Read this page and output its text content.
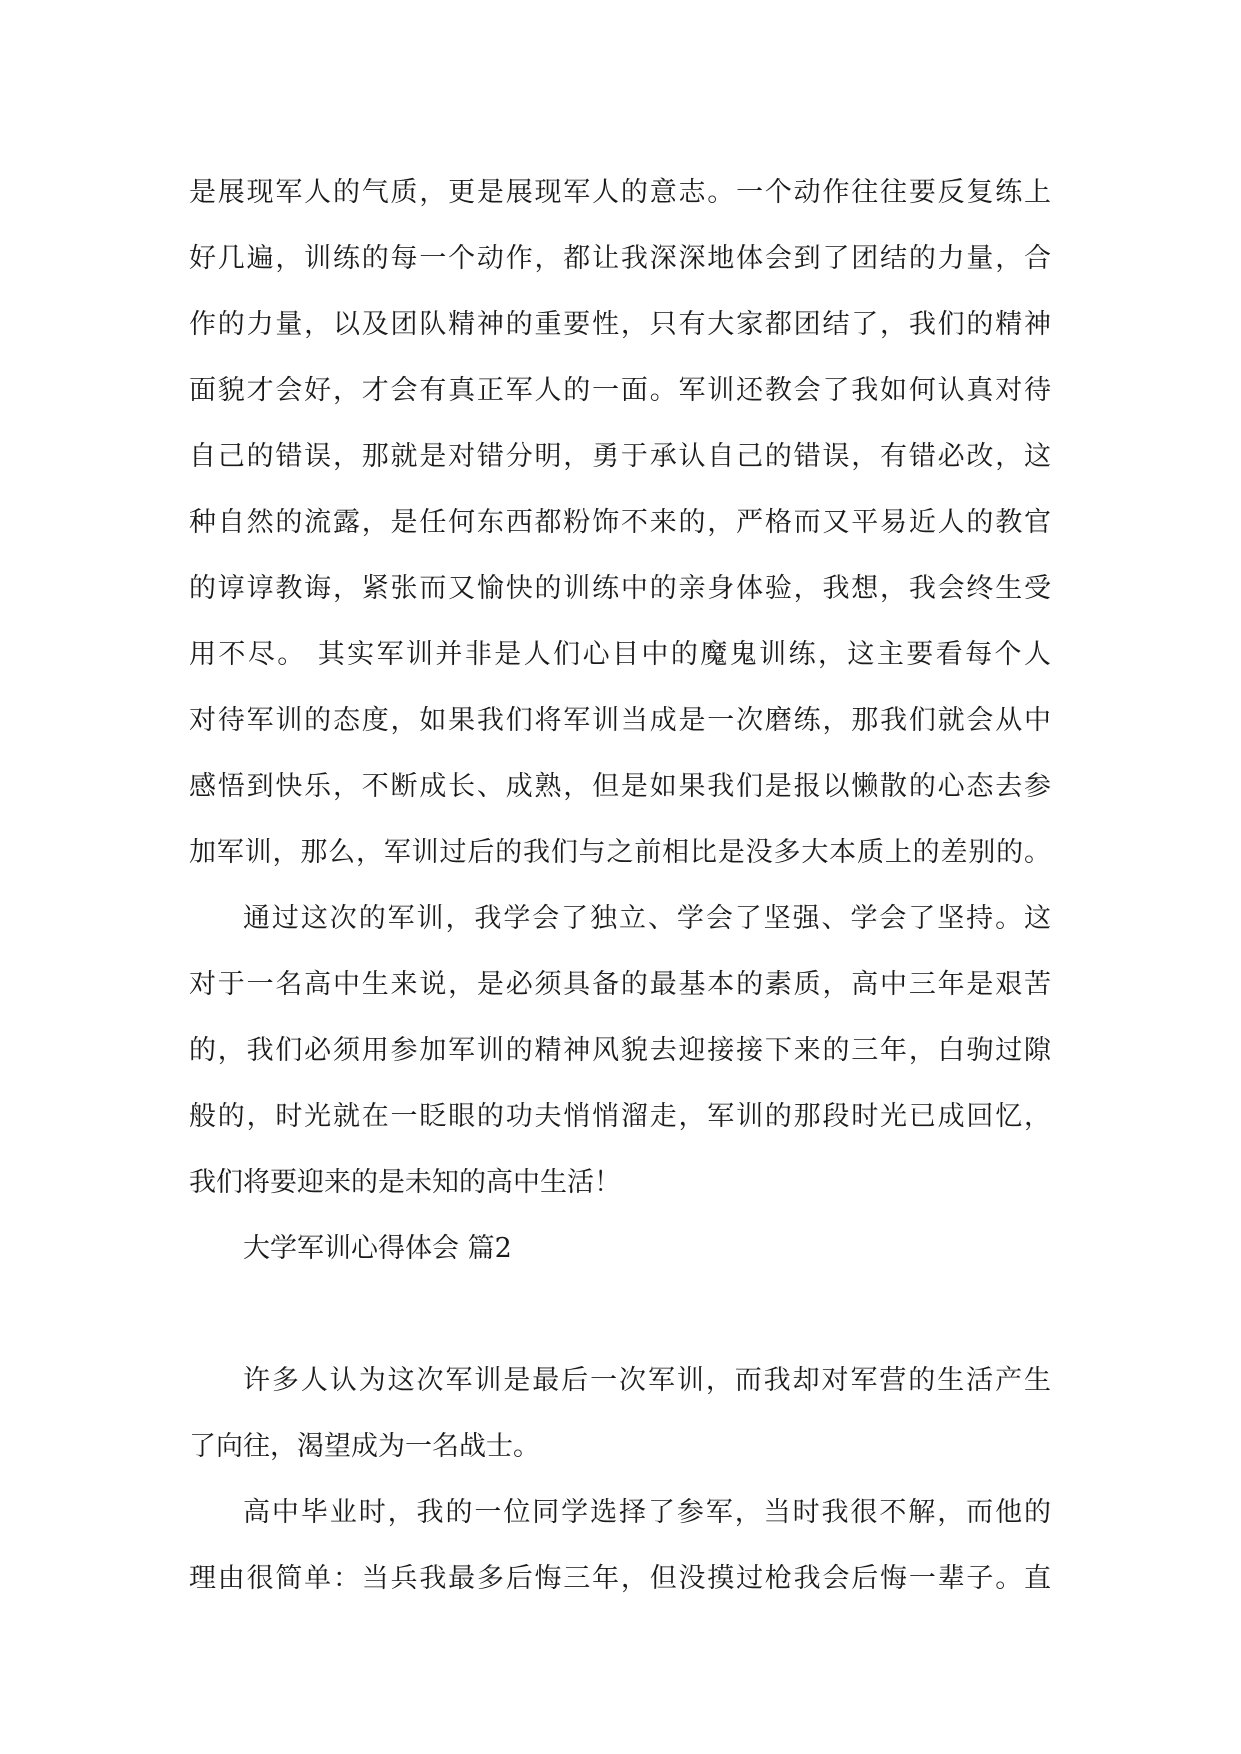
是展现军人的气质，更是展现军人的意志。一个动作往往要反复练上
好几遍，训练的每一个动作，都让我深深地体会到了团结的力量，合
作的力量，以及团队精神的重要性，只有大家都团结了，我们的精神
面貌才会好，才会有真正军人的一面。军训还教会了我如何认真对待
自己的错误，那就是对错分明，勇于承认自己的错误，有错必改，这
种自然的流露，是任何东西都粉饰不来的，严格而又平易近人的教官
的谆谆教诲，紧张而又愉快的训练中的亲身体验，我想，我会终生受
用不尽。 其实军训并非是人们心目中的魔鬼训练，这主要看每个人
对待军训的态度，如果我们将军训当成是一次磨练，那我们就会从中
感悟到快乐，不断成长、成熟，但是如果我们是报以懒散的心态去参
加军训，那么，军训过后的我们与之前相比是没多大本质上的差别的。
通过这次的军训，我学会了独立、学会了坚强、学会了坚持。这
对于一名高中生来说，是必须具备的最基本的素质，高中三年是艰苦
的，我们必须用参加军训的精神风貌去迎接接下来的三年，白驹过隙
般的，时光就在一眨眼的功夫悄悄溜走，军训的那段时光已成回忆，
我们将要迎来的是未知的高中生活！
大学军训心得体会 篇2
许多人认为这次军训是最后一次军训，而我却对军营的生活产生
了向往，渴望成为一名战士。
高中毕业时，我的一位同学选择了参军，当时我很不解，而他的
理由很简单：当兵我最多后悔三年，但没摸过枪我会后悔一辈子。直
